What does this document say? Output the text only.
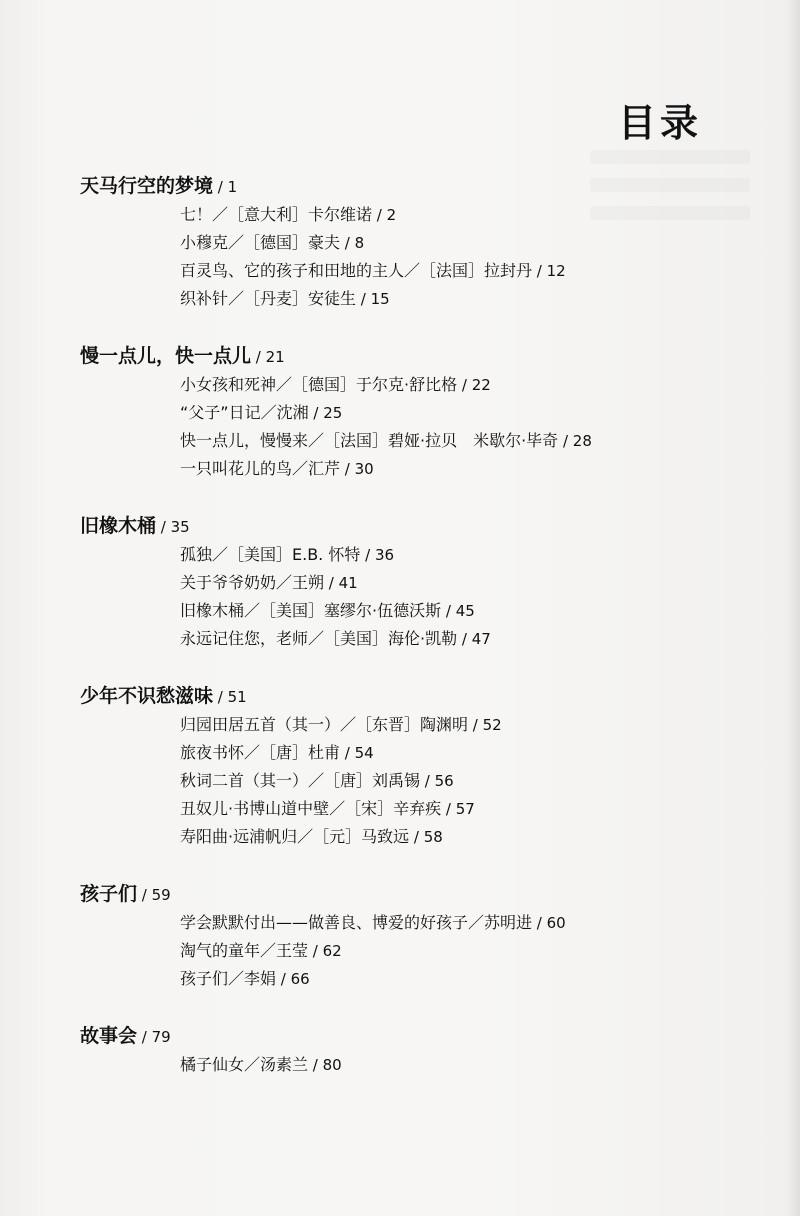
目录
天马行空的梦境 / 1
七！／［意大利］卡尔维诺 / 2
小穆克／［德国］豪夫 / 8
百灵鸟、它的孩子和田地的主人／［法国］拉封丹 / 12
织补针／［丹麦］安徒生 / 15
慢一点儿，快一点儿 / 21
小女孩和死神／［德国］于尔克·舒比格 / 22
“父子”日记／沈湘 / 25
快一点儿，慢慢来／［法国］碧娅·拉贝　米歇尔·毕奇 / 28
一只叫花儿的鸟／汇芹 / 30
旧橡木桶 / 35
孤独／［美国］E.B. 怀特 / 36
关于爷爷奶奶／王朔 / 41
旧橡木桶／［美国］塞缪尔·伍德沃斯 / 45
永远记住您，老师／［美国］海伦·凯勒 / 47
少年不识愁滋味 / 51
归园田居五首（其一）／［东晋］陶渊明 / 52
旅夜书怀／［唐］杜甫 / 54
秋词二首（其一）／［唐］刘禹锡 / 56
丑奴儿·书博山道中壁／［宋］辛弃疾 / 57
寿阳曲·远浦帆归／［元］马致远 / 58
孩子们 / 59
学会默默付出——做善良、博爱的好孩子／苏明进 / 60
淘气的童年／王莹 / 62
孩子们／李娟 / 66
故事会 / 79
橘子仙女／汤素兰 / 80
